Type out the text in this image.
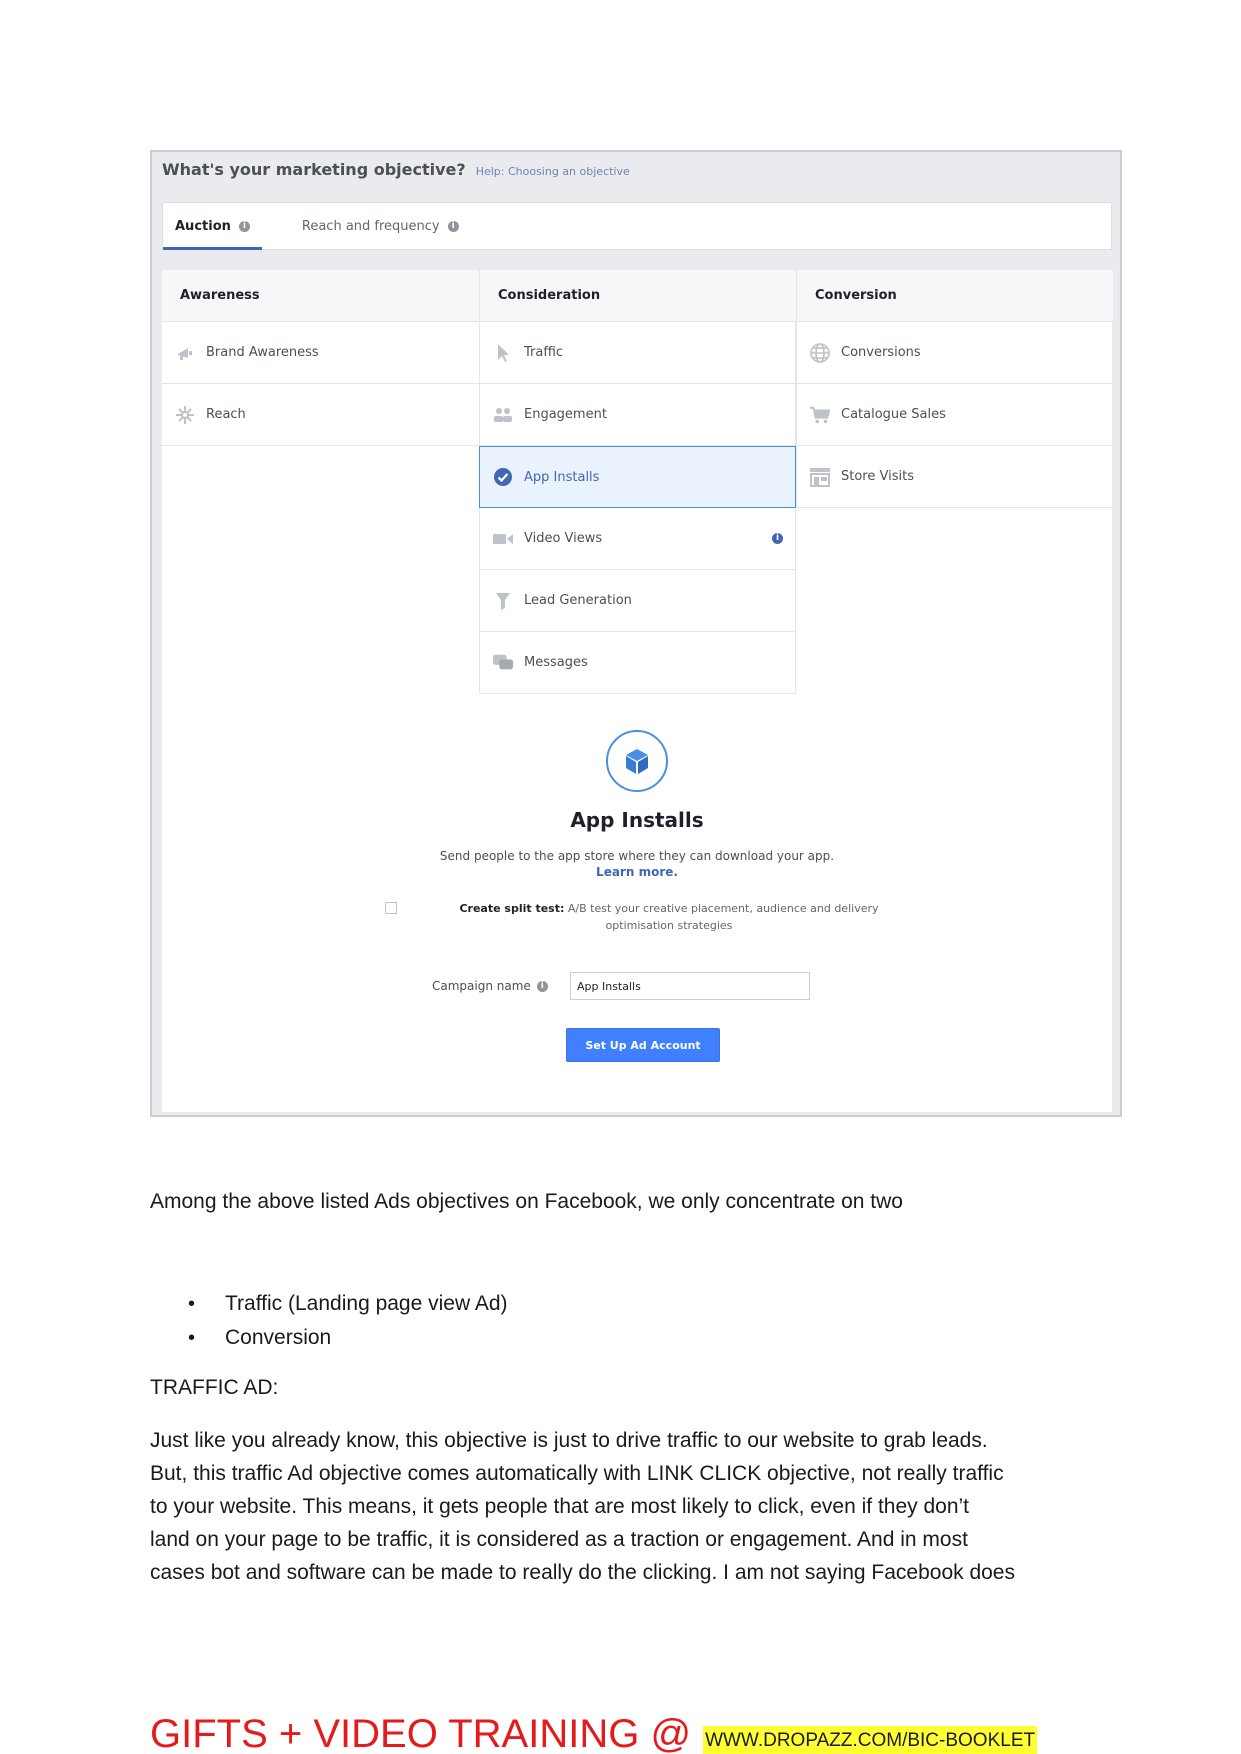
What's your marketing objective? Help: Choosing an objective
Auction	i	Reach and frequency	i
Awareness
Brand Awareness
Reach
Consideration
Traffic
Engagement
App Installs
Video Views	i
Lead Generation
Messages
Conversion
Conversions
Catalogue Sales
Store Visits
App Installs
Send people to the app store where they can download your app.
Learn more.
Create split test: A/B test your creative placement, audience and delivery optimisation strategies
Campaign name	i
App Installs
Set Up Ad Account
Among the above listed Ads objectives on Facebook, we only concentrate on two
• Traffic (Landing page view Ad)
• Conversion
TRAFFIC AD:
Just like you already know, this objective is just to drive traffic to our website to grab leads.
But, this traffic Ad objective comes automatically with LINK CLICK objective, not really traffic
to your website. This means, it gets people that are most likely to click, even if they don’t
land on your page to be traffic, it is considered as a traction or engagement. And in most
cases bot and software can be made to really do the clicking. I am not saying Facebook does
GIFTS + VIDEO TRAINING @ WWW.DROPAZZ.COM/BIC-BOOKLET
